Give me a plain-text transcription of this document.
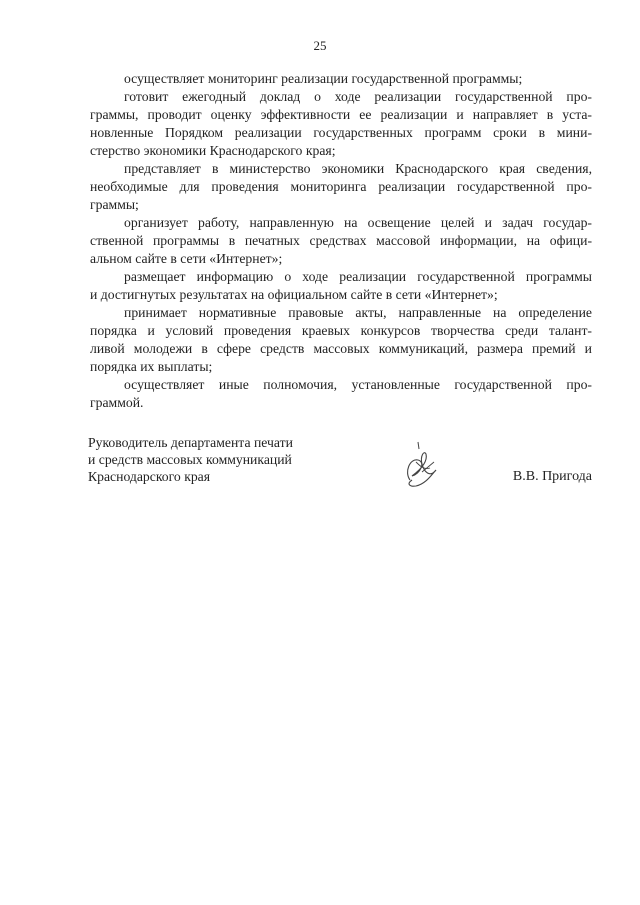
25
осуществляет мониторинг реализации государственной программы;
готовит ежегодный доклад о ходе реализации государственной про-
граммы, проводит оценку эффективности ее реализации и направляет в уста-
новленные Порядком реализации государственных программ сроки в мини-
стерство экономики Краснодарского края;
представляет в министерство экономики Краснодарского края сведения,
необходимые для проведения мониторинга реализации государственной про-
граммы;
организует работу, направленную на освещение целей и задач государ-
ственной программы в печатных средствах массовой информации, на офици-
альном сайте в сети «Интернет»;
размещает информацию о ходе реализации государственной программы
и достигнутых результатах на официальном сайте в сети «Интернет»;
принимает нормативные правовые акты, направленные на определение
порядка и условий проведения краевых конкурсов творчества среди талант-
ливой молодежи в сфере средств массовых коммуникаций, размера премий и
порядка их выплаты;
осуществляет иные полномочия, установленные государственной про-
граммой.
Руководитель департамента печати
и средств массовых коммуникаций
Краснодарского края	В.В. Пригода
